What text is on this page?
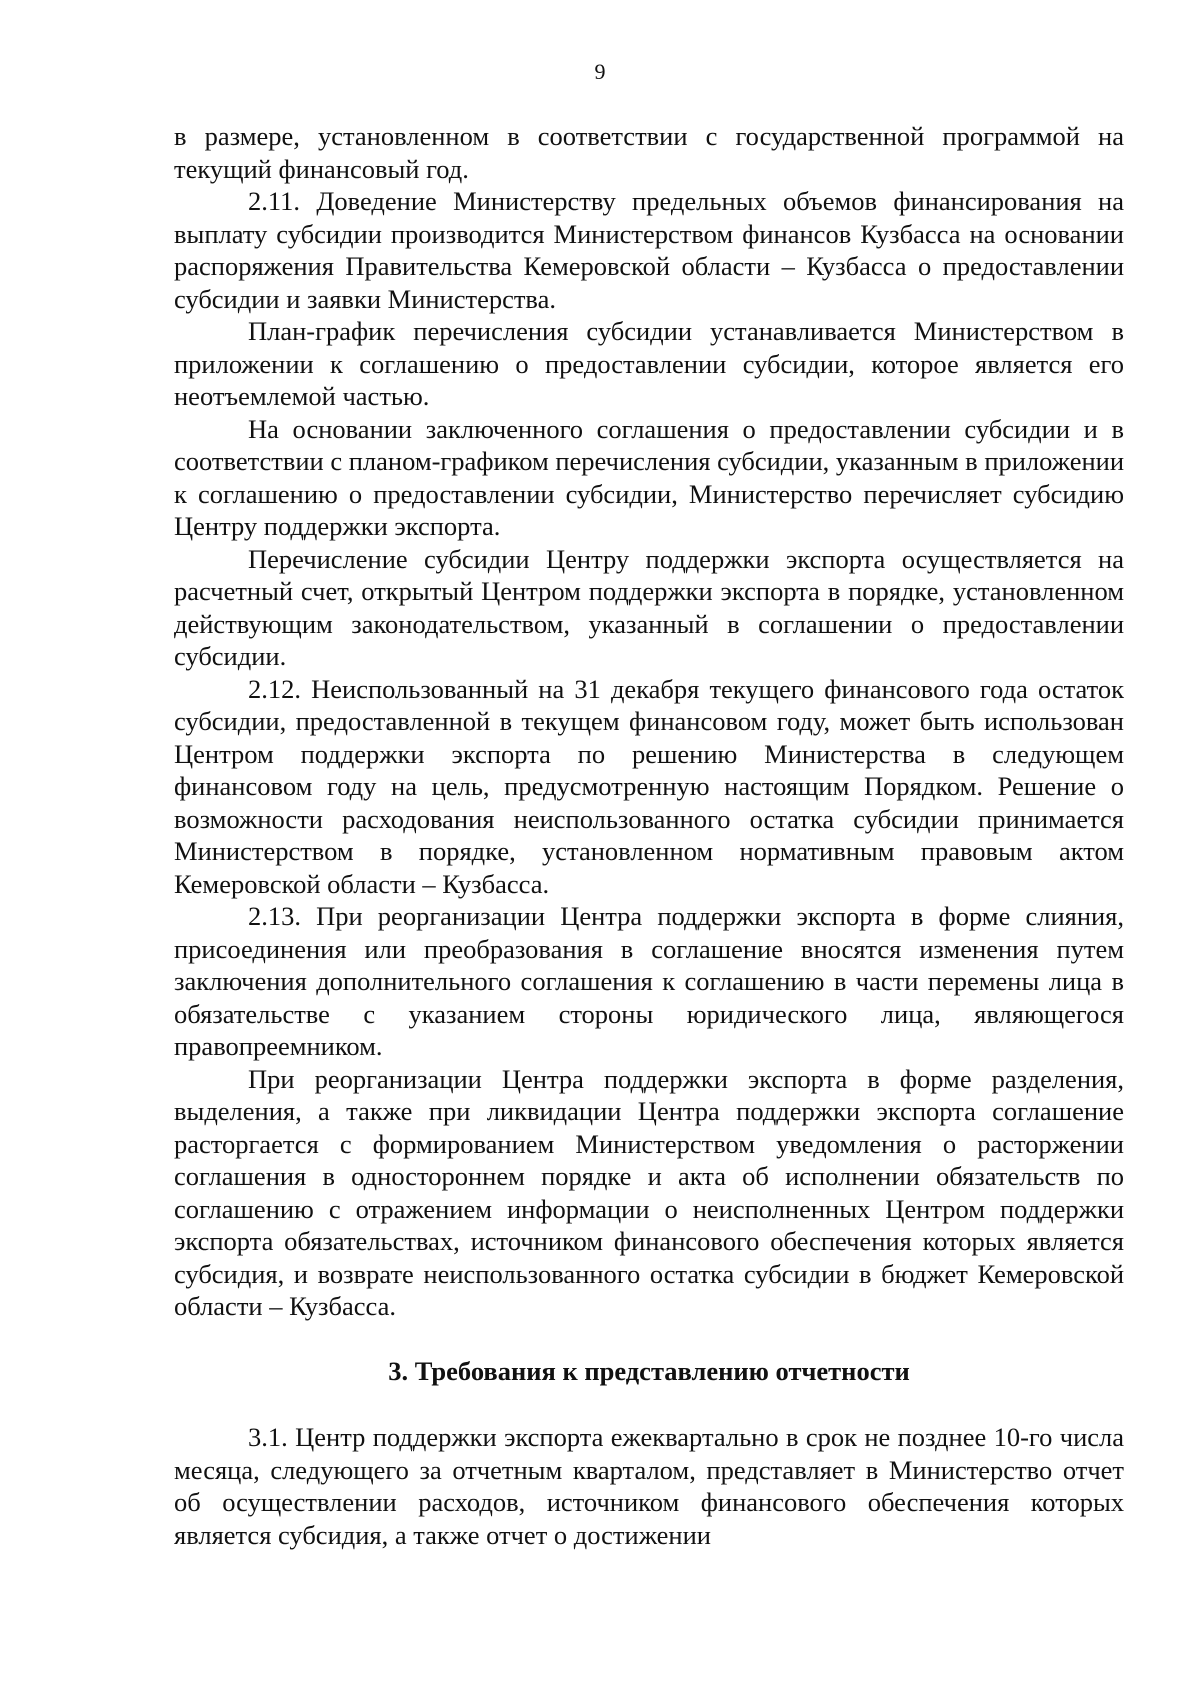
9

в размере, установленном в соответствии с государственной программой на текущий финансовый год.

2.11. Доведение Министерству предельных объемов финансирования на выплату субсидии производится Министерством финансов Кузбасса на основании распоряжения Правительства Кемеровской области – Кузбасса о предоставлении субсидии и заявки Министерства.

План-график перечисления субсидии устанавливается Министерством в приложении к соглашению о предоставлении субсидии, которое является его неотъемлемой частью.

На основании заключенного соглашения о предоставлении субсидии и в соответствии с планом-графиком перечисления субсидии, указанным в приложении к соглашению о предоставлении субсидии, Министерство перечисляет субсидию Центру поддержки экспорта.

Перечисление субсидии Центру поддержки экспорта осуществляется на расчетный счет, открытый Центром поддержки экспорта в порядке, установленном действующим законодательством, указанный в соглашении о предоставлении субсидии.

2.12. Неиспользованный на 31 декабря текущего финансового года остаток субсидии, предоставленной в текущем финансовом году, может быть использован Центром поддержки экспорта по решению Министерства в следующем финансовом году на цель, предусмотренную настоящим Порядком. Решение о возможности расходования неиспользованного остатка субсидии принимается Министерством в порядке, установленном нормативным правовым актом Кемеровской области – Кузбасса.

2.13. При реорганизации Центра поддержки экспорта в форме слияния, присоединения или преобразования в соглашение вносятся изменения путем заключения дополнительного соглашения к соглашению в части перемены лица в обязательстве с указанием стороны юридического лица, являющегося правопреемником.

При реорганизации Центра поддержки экспорта в форме разделения, выделения, а также при ликвидации Центра поддержки экспорта соглашение расторгается с формированием Министерством уведомления о расторжении соглашения в одностороннем порядке и акта об исполнении обязательств по соглашению с отражением информации о неисполненных Центром поддержки экспорта обязательствах, источником финансового обеспечения которых является субсидия, и возврате неиспользованного остатка субсидии в бюджет Кемеровской области – Кузбасса.

3. Требования к представлению отчетности

3.1. Центр поддержки экспорта ежеквартально в срок не позднее 10-го числа месяца, следующего за отчетным кварталом, представляет в Министерство отчет об осуществлении расходов, источником финансового обеспечения которых является субсидия, а также отчет о достижении
